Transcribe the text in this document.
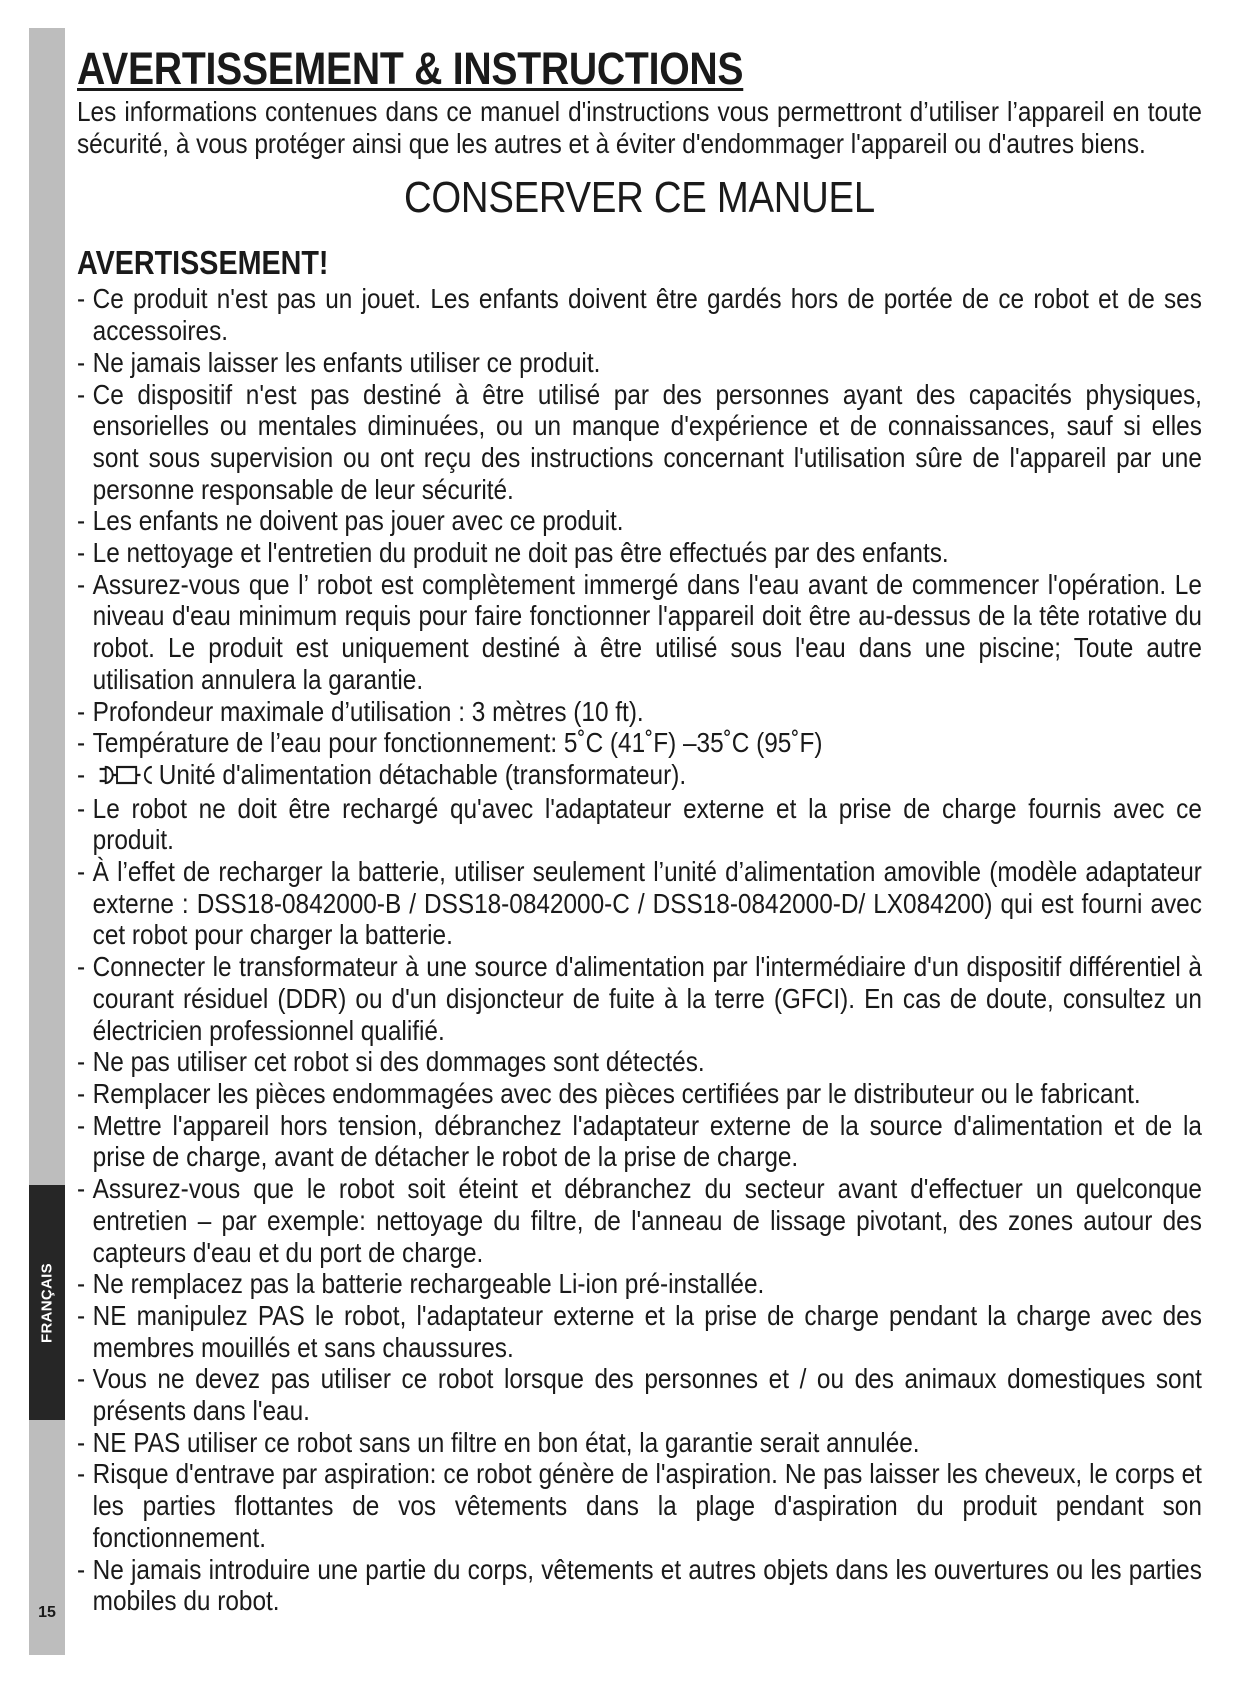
FRANÇAIS
15
AVERTISSEMENT & INSTRUCTIONS

Les informations contenues dans ce manuel d'instructions vous permettront d’utiliser l’appareil en toute sécurité, à vous protéger ainsi que les autres et à éviter d'endommager l'appareil ou d'autres biens.

CONSERVER CE MANUEL
AVERTISSEMENT!
- Ce produit n'est pas un jouet. Les enfants doivent être gardés hors de portée de ce robot et de ses accessoires.
- Ne jamais laisser les enfants utiliser ce produit.
- Ce dispositif n'est pas destiné à être utilisé par des personnes ayant des capacités physiques, ensorielles ou mentales diminuées, ou un manque d'expérience et de connaissances, sauf si elles sont sous supervision ou ont reçu des instructions concernant l'utilisation sûre de l'appareil par une personne responsable de leur sécurité.
- Les enfants ne doivent pas jouer avec ce produit.
- Le nettoyage et l'entretien du produit ne doit pas être effectués par des enfants.
- Assurez-vous que l’ robot est complètement immergé dans l'eau avant de commencer l'opération. Le niveau d'eau minimum requis pour faire fonctionner l'appareil doit être au-dessus de la tête rotative du robot. Le produit est uniquement destiné à être utilisé sous l'eau dans une piscine; Toute autre utilisation annulera la garantie.
- Profondeur maximale d’utilisation : 3 mètres (10 ft).
- Température de l’eau pour fonctionnement: 5˚C (41˚F) –35˚C (95˚F)
- Unité d'alimentation détachable (transformateur).
- Le robot ne doit être rechargé qu'avec l'adaptateur externe et la prise de charge fournis avec ce produit.
- À l’effet de recharger la batterie, utiliser seulement l’unité d’alimentation amovible (modèle adaptateur externe : DSS18-0842000-B / DSS18-0842000-C / DSS18-0842000-D/ LX084200) qui est fourni avec cet robot pour charger la batterie.
- Connecter le transformateur à une source d'alimentation par l'intermédiaire d'un dispositif différentiel à courant résiduel (DDR) ou d'un disjoncteur de fuite à la terre (GFCI). En cas de doute, consultez un électricien professionnel qualifié.
- Ne pas utiliser cet robot si des dommages sont détectés.
- Remplacer les pièces endommagées avec des pièces certifiées par le distributeur ou le fabricant.
- Mettre l'appareil hors tension, débranchez l'adaptateur externe de la source d'alimentation et de la prise de charge, avant de détacher le robot de la prise de charge.
- Assurez-vous que le robot soit éteint et débranchez du secteur avant d'effectuer un quelconque entretien – par exemple: nettoyage du filtre, de l'anneau de lissage pivotant, des zones autour des capteurs d'eau et du port de charge.
- Ne remplacez pas la batterie rechargeable Li-ion pré-installée.
- NE manipulez PAS le robot, l'adaptateur externe et la prise de charge pendant la charge avec des membres mouillés et sans chaussures.
- Vous ne devez pas utiliser ce robot lorsque des personnes et / ou des animaux domestiques sont présents dans l'eau.
- NE PAS utiliser ce robot sans un filtre en bon état, la garantie serait annulée.
- Risque d'entrave par aspiration: ce robot génère de l'aspiration. Ne pas laisser les cheveux, le corps et les parties flottantes de vos vêtements dans la plage d'aspiration du produit pendant son fonctionnement.
- Ne jamais introduire une partie du corps, vêtements et autres objets dans les ouvertures ou les parties mobiles du robot.
